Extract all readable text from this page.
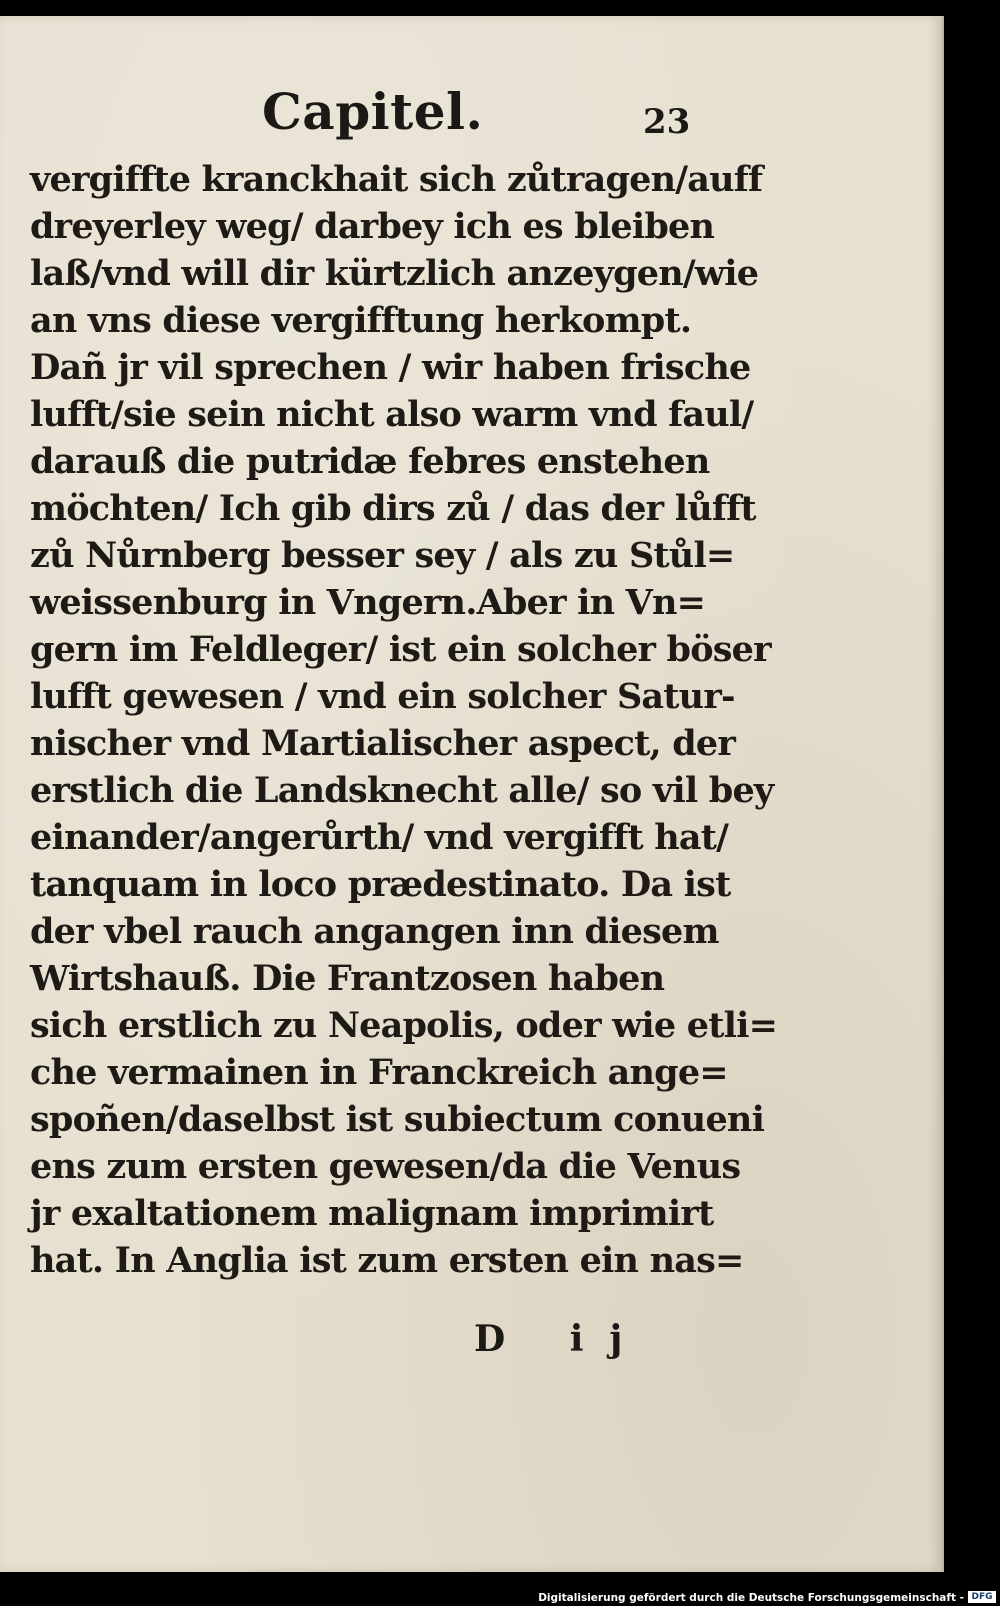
Capitel.	23
vergiffte kranckhait sich zůtragen/auff
dreyerley weg/ darbey ich es bleiben
laß/vnd will dir kürtzlich anzeygen/wie
an vns diese vergifftung herkompt.
Dañ jr vil sprechen / wir haben frische
lufft/sie sein nicht also warm vnd faul/
darauß die putridæ febres enstehen
möchten/ Ich gib dirs zů / das der lůfft
zů Nůrnberg besser sey / als zu Stůl=
weissenburg in Vngern.Aber in Vn=
gern im Feldleger/ ist ein solcher böser
lufft gewesen / vnd ein solcher Satur-
nischer vnd Martialischer aspect, der
erstlich die Landsknecht alle/ so vil bey
einander/angerůrth/ vnd vergifft hat/
tanquam in loco prædestinato. Da ist
der vbel rauch angangen inn diesem
Wirtshauß. Die Frantzosen haben
sich erstlich zu Neapolis, oder wie etli=
che vermainen in Franckreich ange=
spoñen/daselbst ist subiectum conueni
ens zum ersten gewesen/da die Venus
jr exaltationem malignam imprimirt
hat. In Anglia ist zum ersten ein nas=
D ij
Digitalisierung gefördert durch die Deutsche Forschungsgemeinschaft - DFG
